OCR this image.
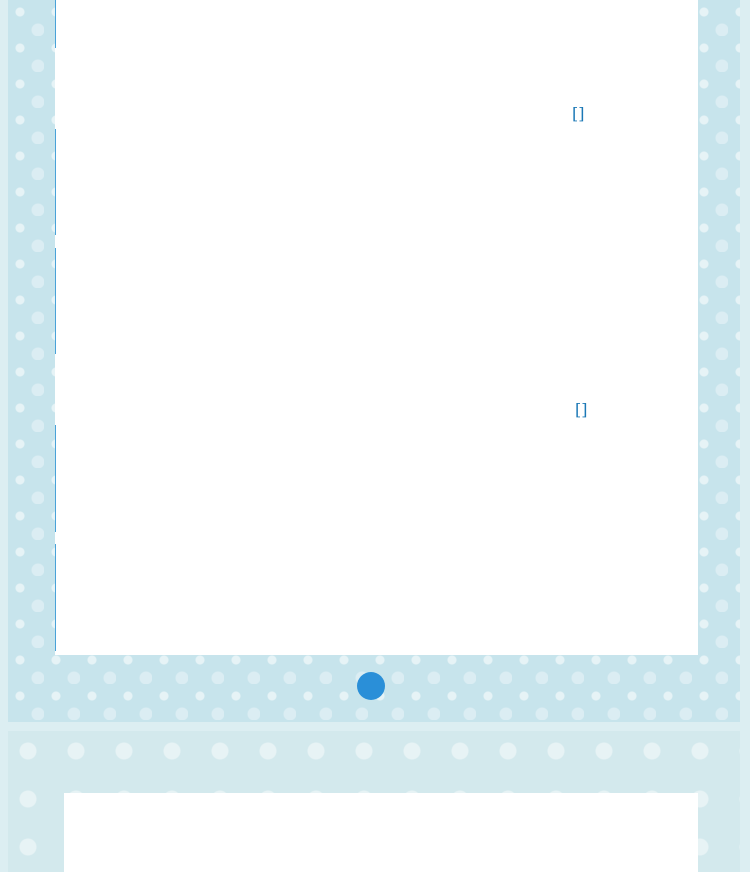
[]
[]
